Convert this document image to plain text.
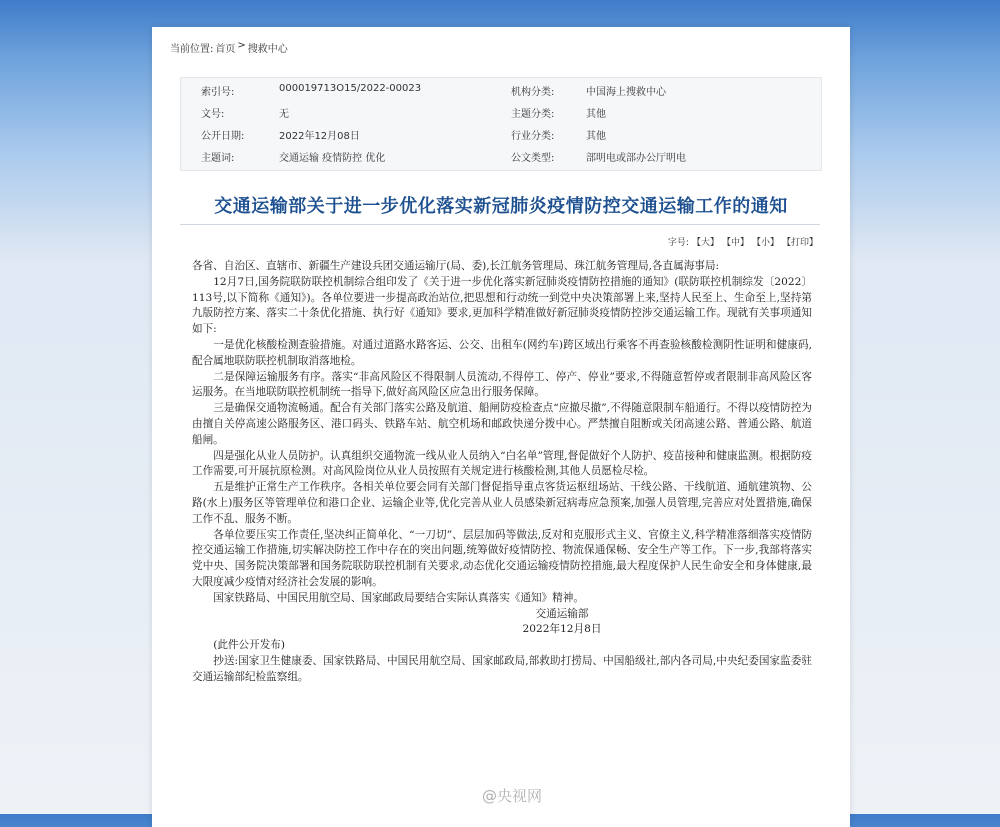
当前位置: 首页 > 搜救中心
索引号:	000019713O15/2022-00023	机构分类:	中国海上搜救中心
文号:	无	主题分类:	其他
公开日期:	2022年12月08日	行业分类:	其他
主题词:	交通运输 疫情防控 优化	公文类型:	部明电或部办公厅明电
交通运输部关于进一步优化落实新冠肺炎疫情防控交通运输工作的通知
字号: 【大】 【中】 【小】 【打印】

各省、自治区、直辖市、新疆生产建设兵团交通运输厅(局、委),长江航务管理局、珠江航务管理局,各直属海事局:

12月7日,国务院联防联控机制综合组印发了《关于进一步优化落实新冠肺炎疫情防控措施的通知》(联防联控机制综发〔2022〕113号,以下简称《通知》)。各单位要进一步提高政治站位,把思想和行动统一到党中央决策部署上来,坚持人民至上、生命至上,坚持第九版防控方案、落实二十条优化措施、执行好《通知》要求,更加科学精准做好新冠肺炎疫情防控涉交通运输工作。现就有关事项通知如下:

一是优化核酸检测查验措施。对通过道路水路客运、公交、出租车(网约车)跨区域出行乘客不再查验核酸检测阴性证明和健康码,配合属地联防联控机制取消落地检。

二是保障运输服务有序。落实“非高风险区不得限制人员流动,不得停工、停产、停业”要求,不得随意暂停或者限制非高风险区客运服务。在当地联防联控机制统一指导下,做好高风险区应急出行服务保障。

三是确保交通物流畅通。配合有关部门落实公路及航道、船闸防疫检查点“应撤尽撤”,不得随意限制车船通行。不得以疫情防控为由擅自关停高速公路服务区、港口码头、铁路车站、航空机场和邮政快递分拨中心。严禁擅自阻断或关闭高速公路、普通公路、航道船闸。

四是强化从业人员防护。认真组织交通物流一线从业人员纳入“白名单”管理,督促做好个人防护、疫苗接种和健康监测。根据防疫工作需要,可开展抗原检测。对高风险岗位从业人员按照有关规定进行核酸检测,其他人员愿检尽检。

五是维护正常生产工作秩序。各相关单位要会同有关部门督促指导重点客货运枢纽场站、干线公路、干线航道、通航建筑物、公路(水上)服务区等管理单位和港口企业、运输企业等,优化完善从业人员感染新冠病毒应急预案,加强人员管理,完善应对处置措施,确保工作不乱、服务不断。

各单位要压实工作责任,坚决纠正简单化、“一刀切”、层层加码等做法,反对和克服形式主义、官僚主义,科学精准落细落实疫情防控交通运输工作措施,切实解决防控工作中存在的突出问题,统筹做好疫情防控、物流保通保畅、安全生产等工作。下一步,我部将落实党中央、国务院决策部署和国务院联防联控机制有关要求,动态优化交通运输疫情防控措施,最大程度保护人民生命安全和身体健康,最大限度减少疫情对经济社会发展的影响。

国家铁路局、中国民用航空局、国家邮政局要结合实际认真落实《通知》精神。

交通运输部

2022年12月8日

(此件公开发布)

抄送:国家卫生健康委、国家铁路局、中国民用航空局、国家邮政局,部救助打捞局、中国船级社,部内各司局,中央纪委国家监委驻交通运输部纪检监察组。

@央视网
